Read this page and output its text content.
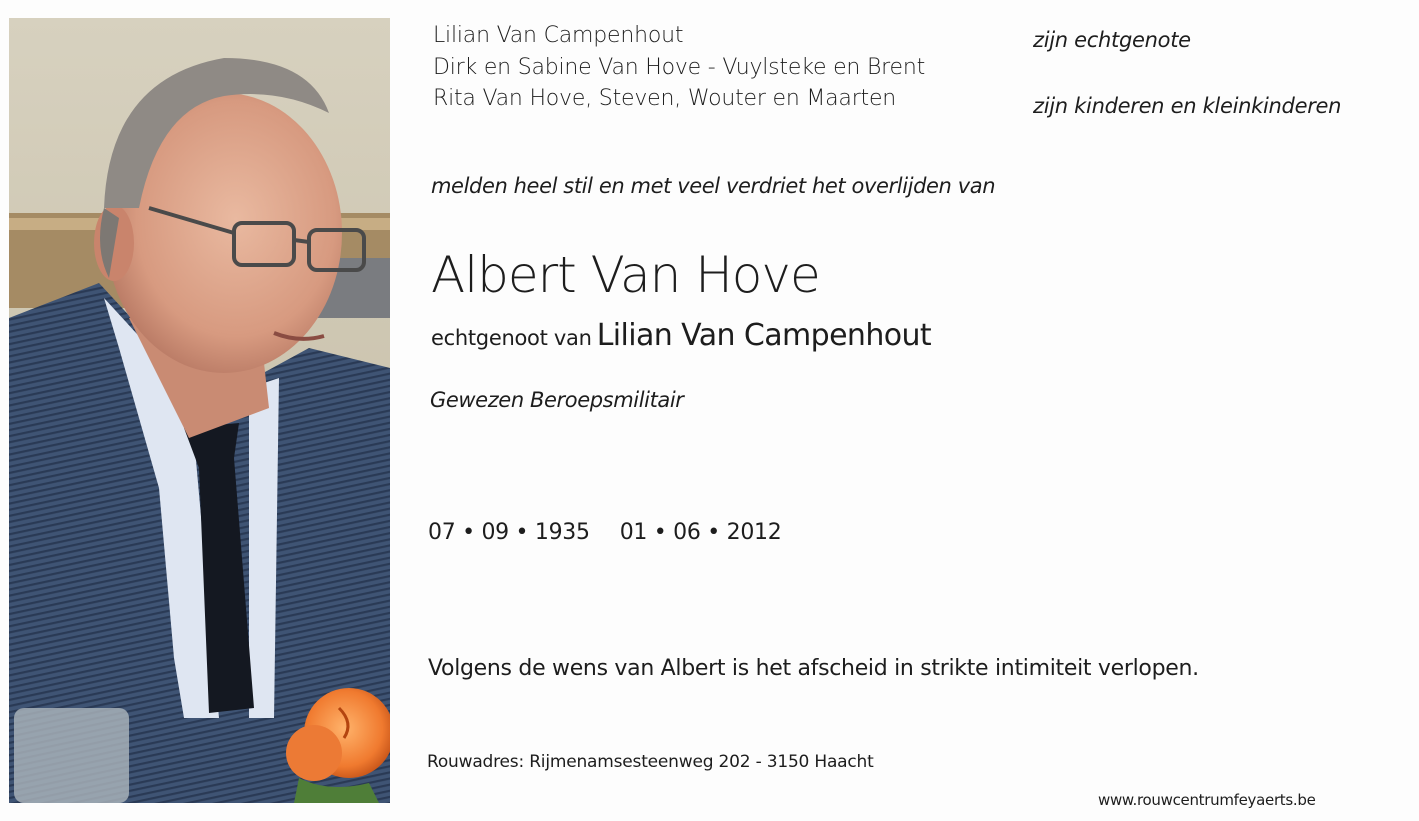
Lilian Van Campenhout
Dirk en Sabine Van Hove - Vuylsteke en Brent
Rita Van Hove, Steven, Wouter en Maarten
zijn echtgenote
zijn kinderen en kleinkinderen
melden heel stil en met veel verdriet het overlijden van
Albert Van Hove
echtgenoot van Lilian Van Campenhout
Gewezen Beroepsmilitair
07 • 09 • 1935 01 • 06 • 2012
Volgens de wens van Albert is het afscheid in strikte intimiteit verlopen.
Rouwadres: Rijmenamsesteenweg 202 - 3150 Haacht
www.rouwcentrumfeyaerts.be
